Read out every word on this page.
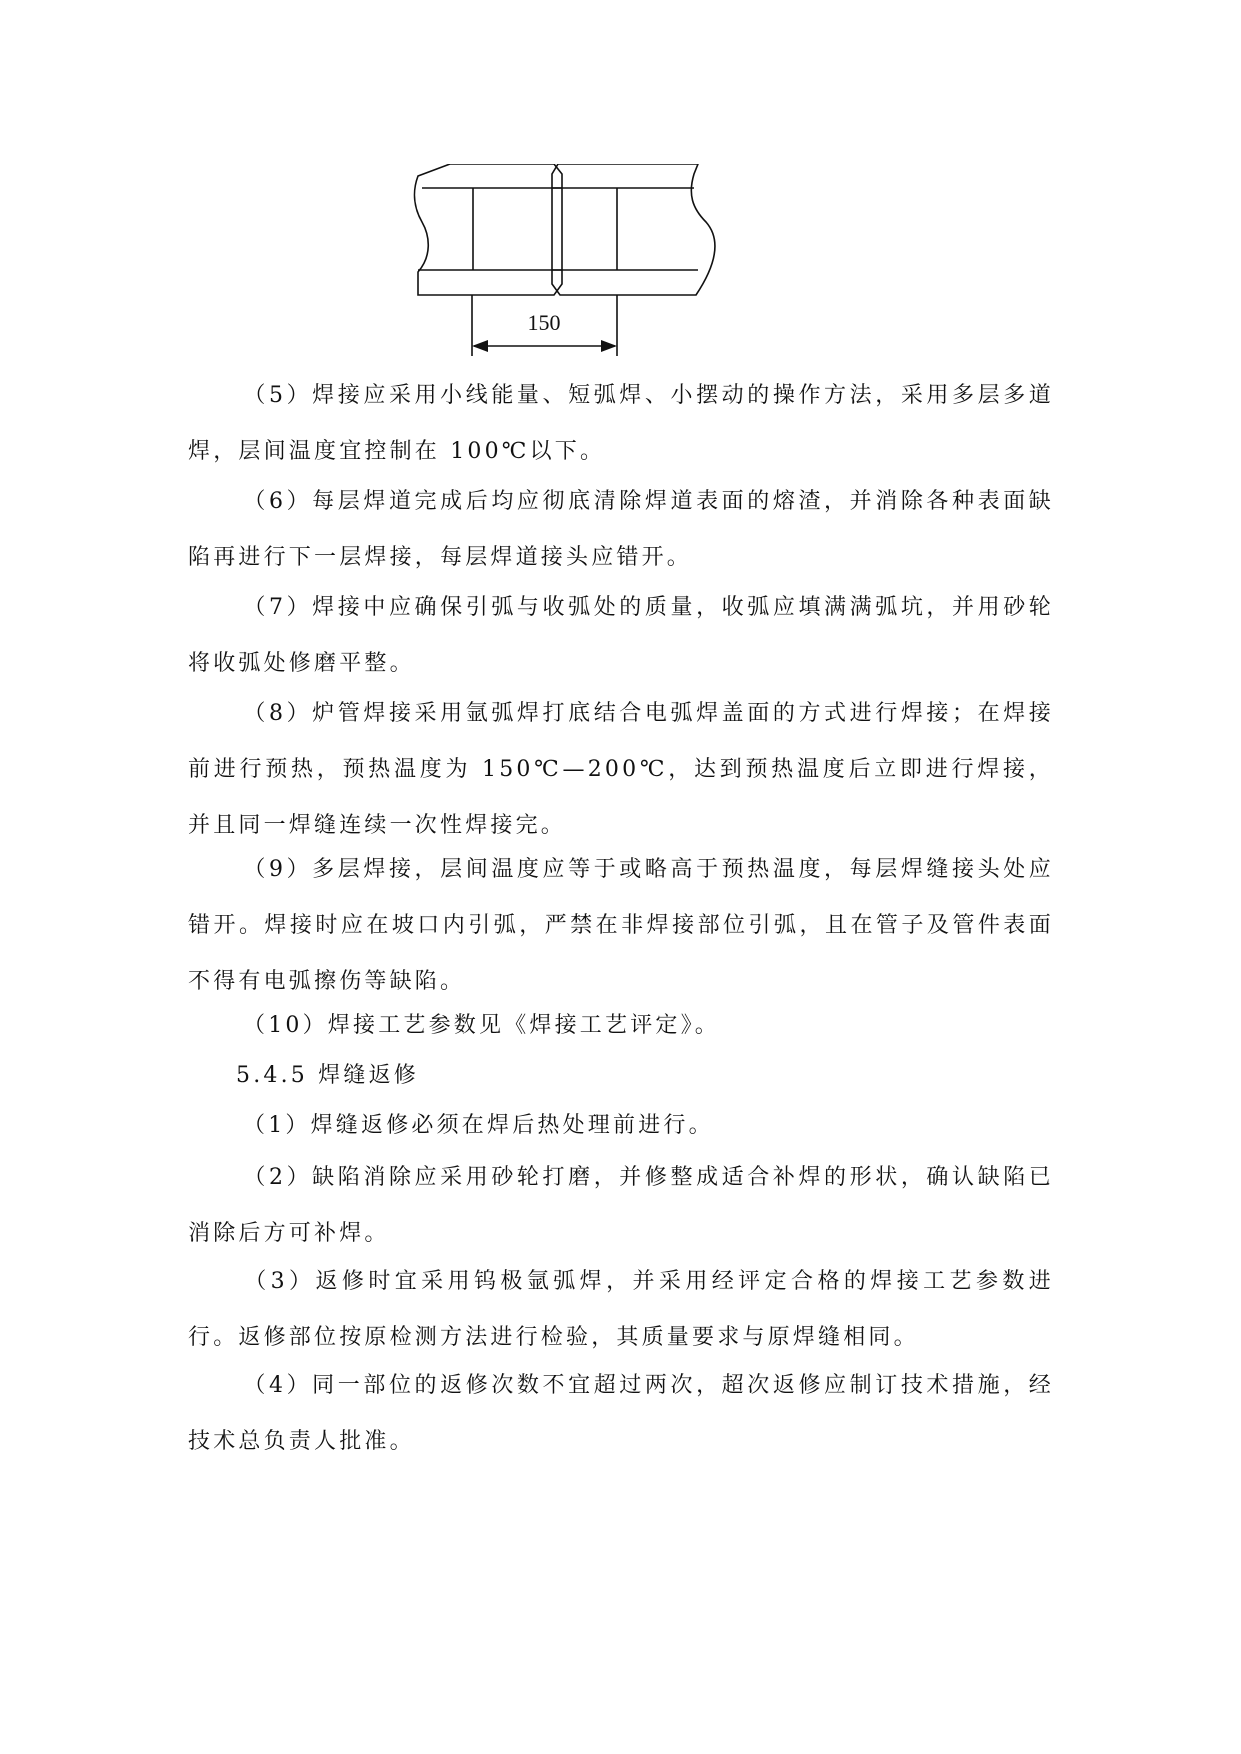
150

（5）焊接应采用小线能量、短弧焊、小摆动的操作方法，采用多层多道焊，层间温度宜控制在 100℃以下。

（6）每层焊道完成后均应彻底清除焊道表面的熔渣，并消除各种表面缺陷再进行下一层焊接，每层焊道接头应错开。

（7）焊接中应确保引弧与收弧处的质量，收弧应填满满弧坑，并用砂轮将收弧处修磨平整。

（8）炉管焊接采用氩弧焊打底结合电弧焊盖面的方式进行焊接；在焊接前进行预热，预热温度为 150℃—200℃，达到预热温度后立即进行焊接，并且同一焊缝连续一次性焊接完。

（9）多层焊接，层间温度应等于或略高于预热温度，每层焊缝接头处应错开。焊接时应在坡口内引弧，严禁在非焊接部位引弧，且在管子及管件表面不得有电弧擦伤等缺陷。

（10）焊接工艺参数见《焊接工艺评定》。

5.4.5 焊缝返修

（1）焊缝返修必须在焊后热处理前进行。

（2）缺陷消除应采用砂轮打磨，并修整成适合补焊的形状，确认缺陷已消除后方可补焊。

（3）返修时宜采用钨极氩弧焊，并采用经评定合格的焊接工艺参数进行。返修部位按原检测方法进行检验，其质量要求与原焊缝相同。

（4）同一部位的返修次数不宜超过两次，超次返修应制订技术措施，经技术总负责人批准。
